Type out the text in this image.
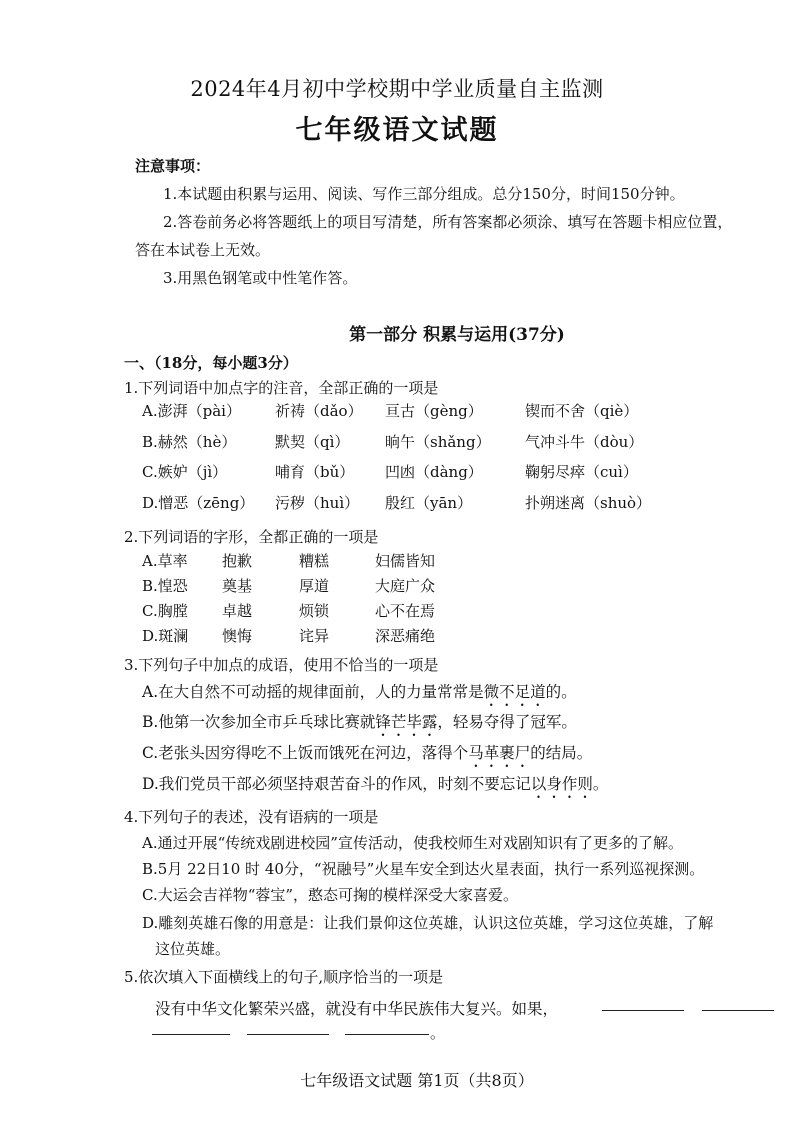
2024年4月初中学校期中学业质量自主监测
七年级语文试题
注意事项：
1.本试题由积累与运用、阅读、写作三部分组成。总分150分，时间150分钟。
2.答卷前务必将答题纸上的项目写清楚，所有答案都必须涂、填写在答题卡相应位置，
答在本试卷上无效。
3.用黑色钢笔或中性笔作答。
第一部分 积累与运用(37分)
一、（18分，每小题3分）
1.下列词语中加点字的注音，全部正确的一项是
A.澎湃（pài） 祈祷（dǎo） 亘古（gèng）	锲而不舍（qiè）
B.赫然（hè）	默契（qì） 晌午（shǎng） 气冲斗牛（dòu）
C.嫉妒（jì）	哺育（bǔ） 凹凼（dàng）	鞠躬尽瘁（cuì）
D.憎恶（zēng） 污秽（huì） 殷红（yān）	扑朔迷离（shuò）
2.下列词语的字形，全都正确的一项是
A.草率 抱歉	糟糕	妇儒皆知
B.惶恐 奠基	厚道	大庭广众
C.胸膛 卓越	烦锁	心不在焉
D.斑澜 懊悔	诧异	深恶痛绝
3.下列句子中加点的成语，使用不恰当的一项是
A.在大自然不可动摇的规律面前，人的力量常常是微不足道的。
B.他第一次参加全市乒乓球比赛就锋芒毕露，轻易夺得了冠军。
C.老张头因穷得吃不上饭而饿死在河边，落得个马革裹尸的结局。
D.我们党员干部必须坚持艰苦奋斗的作风，时刻不要忘记以身作则。
4.下列句子的表述，没有语病的一项是
A.通过开展“传统戏剧进校园”宣传活动，使我校师生对戏剧知识有了更多的了解。
B.5月 22日10 时 40分，“祝融号”火星车安全到达火星表面，执行一系列巡视探测。
C.大运会吉祥物“蓉宝”，憨态可掬的模样深受大家喜爱。
D.雕刻英雄石像的用意是：让我们景仰这位英雄，认识这位英雄，学习这位英雄，了解
这位英雄。
5.依次填入下面横线上的句子,顺序恰当的一项是
没有中华文化繁荣兴盛，就没有中华民族伟大复兴。如果，
。
七年级语文试题 第1页（共8页）
